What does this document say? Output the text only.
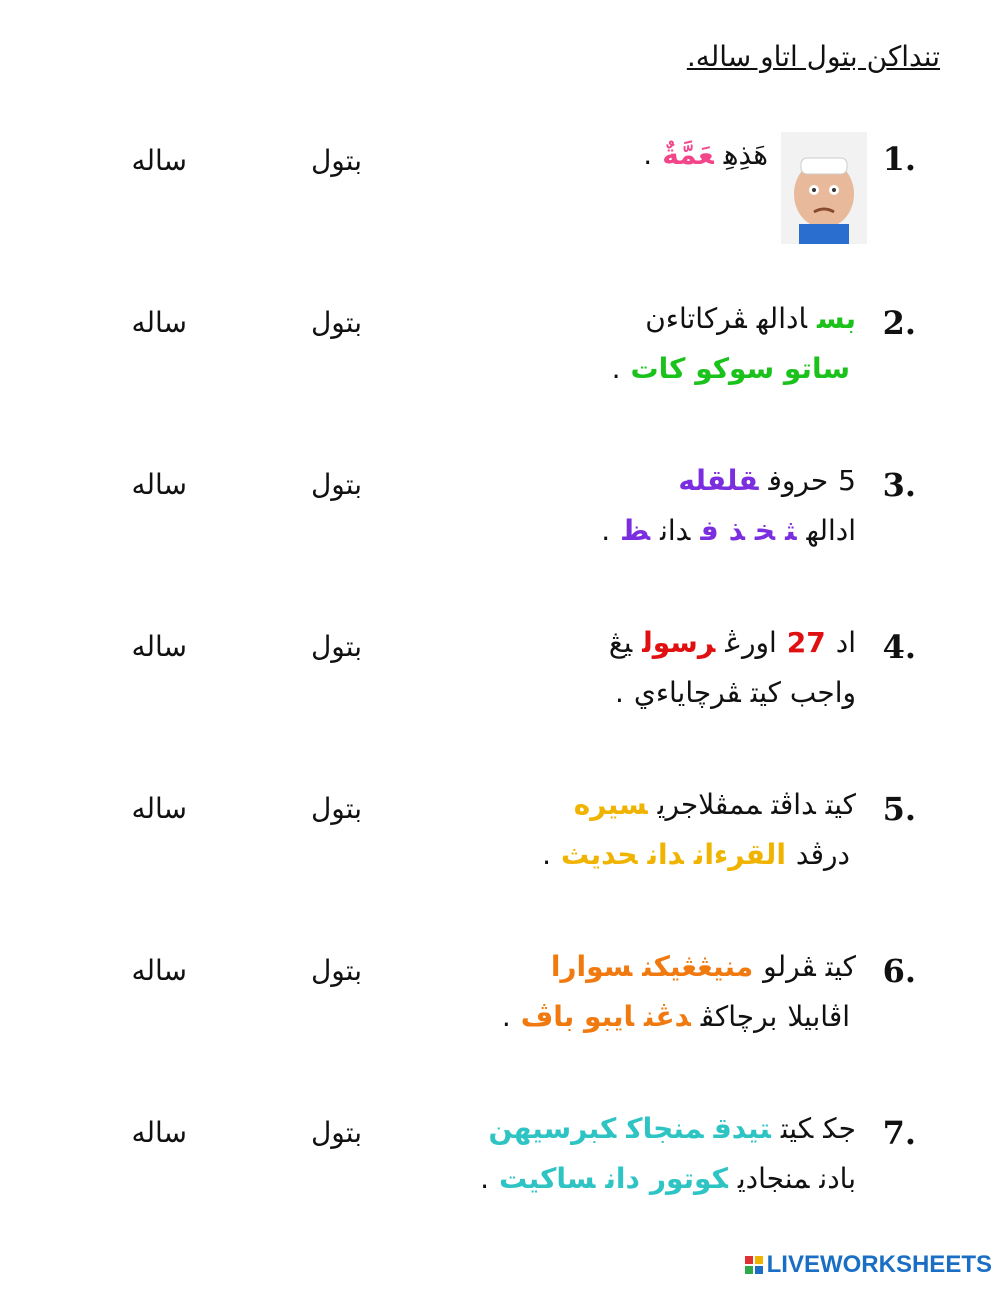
تنداكن بتول اتاو ساله.
1.
هَذِهِعَمَّةٌ.
بتول
ساله
2.
بسادالهڤركاتاءن
ساتو سوكو كات.
بتول
ساله
3.
5حروفقلقله
ادالهثخذفدانظ.
بتول
ساله
4.
اد27اورڠرسوليڠ
واجب كيتڤرچاياءي.
بتول
ساله
5.
كيتداڤتممڤلاجريسيره
درڤدالقرءاندانحديث.
بتول
ساله
6.
كيتڤرلومنيڠڠيكنسوارا
اڤابيلابرچاكڤدڠنايبو باڤ.
بتول
ساله
7.
جككيتتيدقمنجاككبرسيهن
بادنمنجاديكوتوردانساكيت.
بتول
ساله
LIVEWORKSHEETS
